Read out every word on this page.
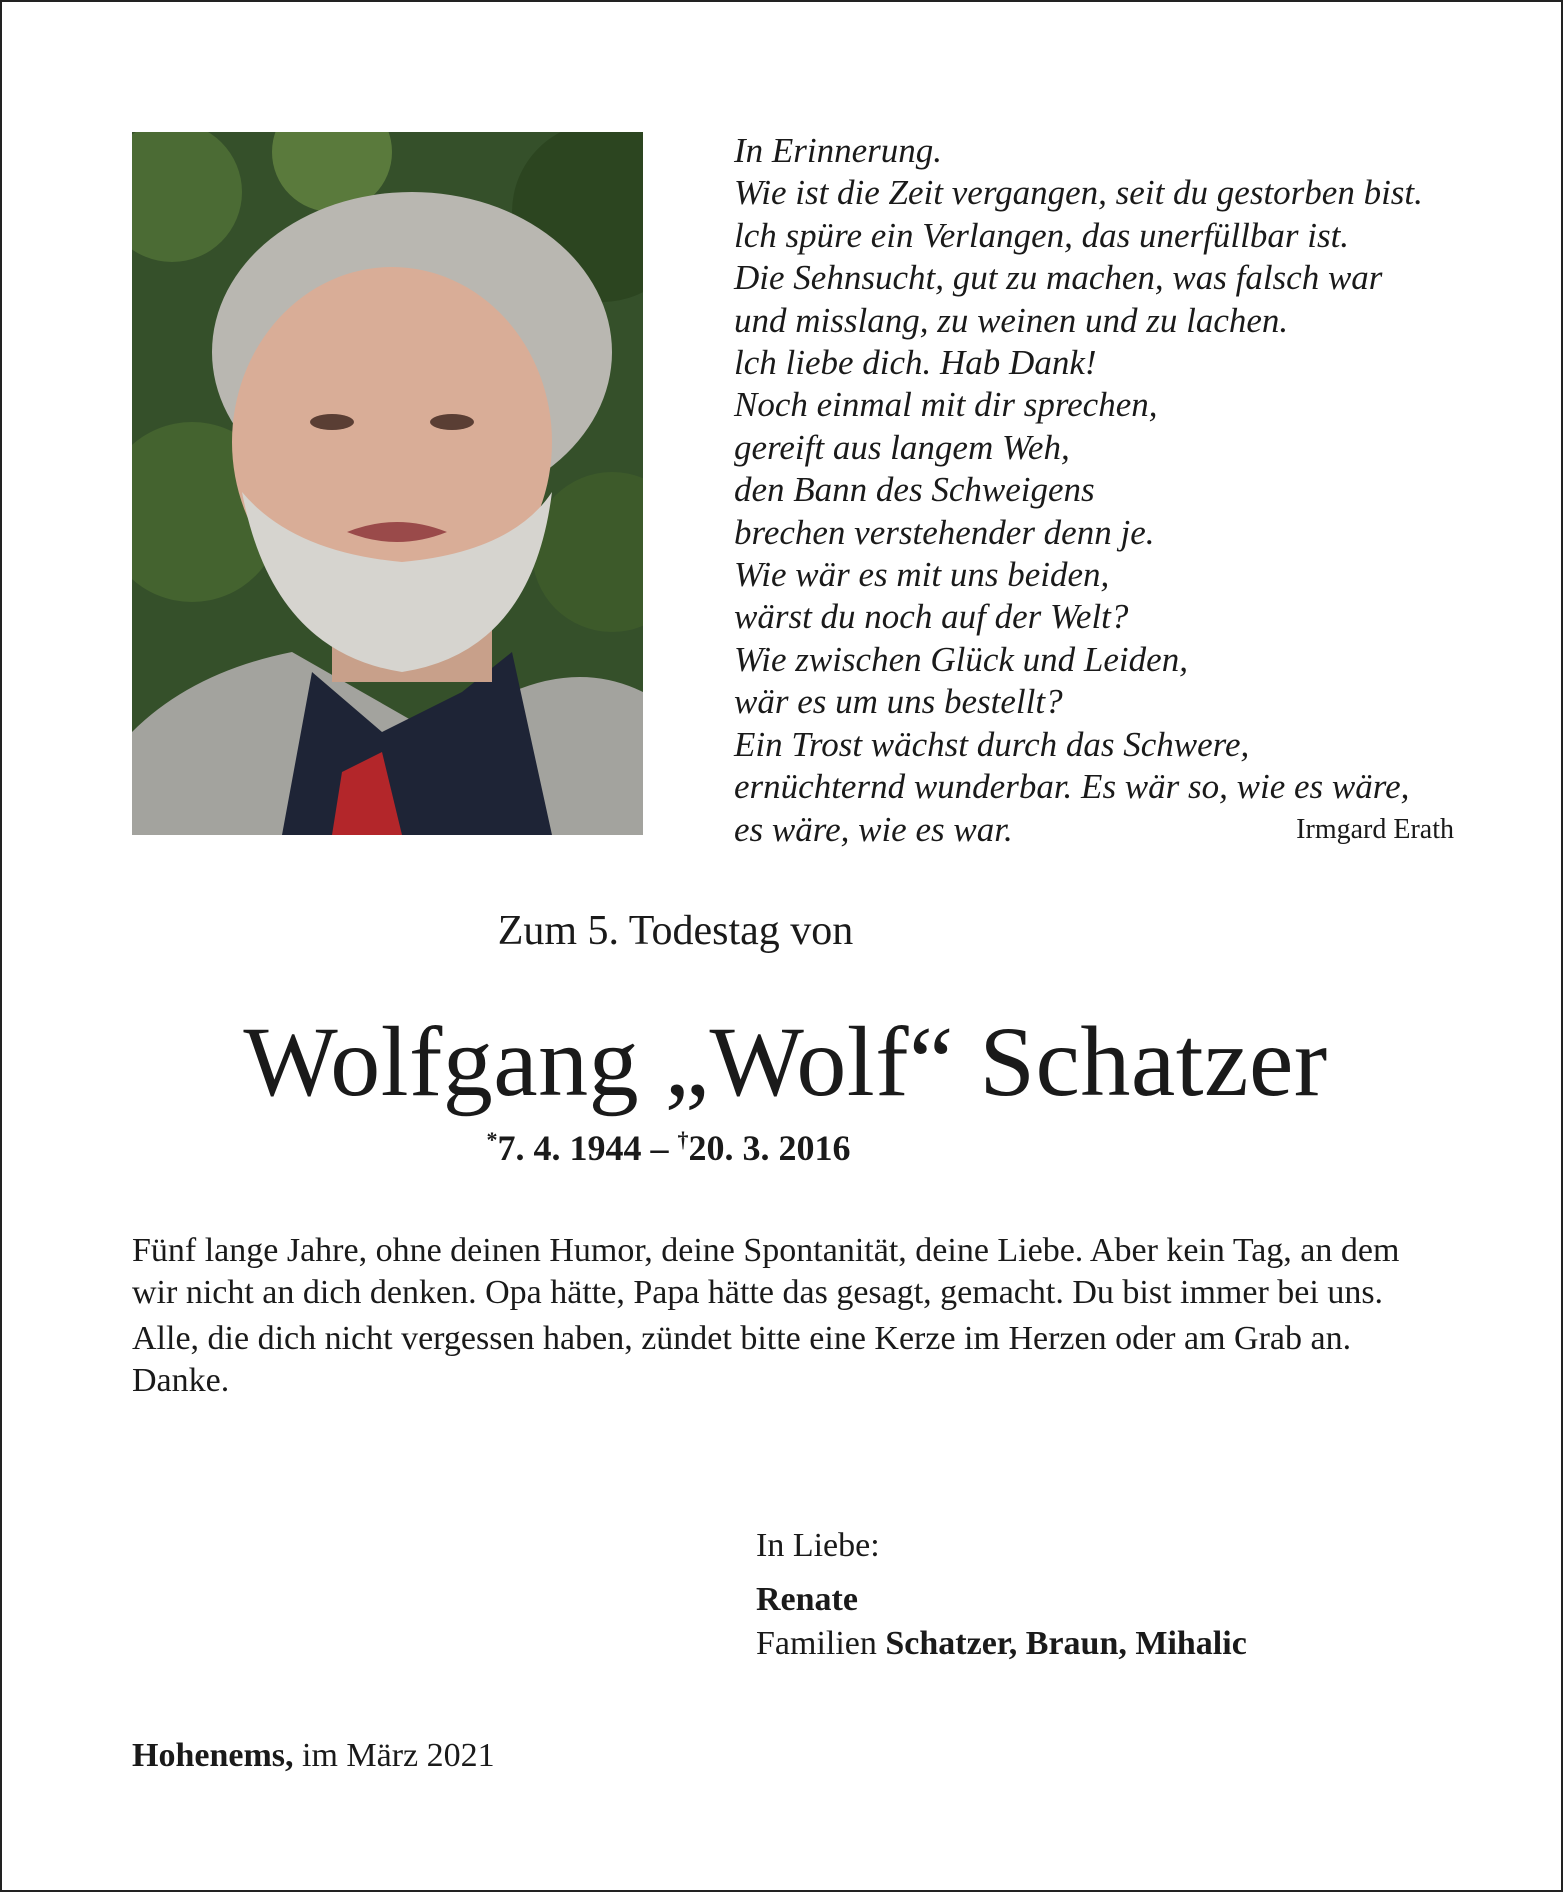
In Erinnerung.
Wie ist die Zeit vergangen, seit du gestorben bist.
lch spüre ein Verlangen, das unerfüllbar ist.
Die Sehnsucht, gut zu machen, was falsch war
und misslang, zu weinen und zu lachen.
lch liebe dich. Hab Dank!
Noch einmal mit dir sprechen,
gereift aus langem Weh,
den Bann des Schweigens
brechen verstehender denn je.
Wie wär es mit uns beiden,
wärst du noch auf der Welt?
Wie zwischen Glück und Leiden,
wär es um uns bestellt?
Ein Trost wächst durch das Schwere,
ernüchternd wunderbar. Es wär so, wie es wäre,
es wäre, wie es war.	Irmgard Erath
Zum 5. Todestag von
Wolfgang „Wolf“ Schatzer
*7. 4. 1944 – †20. 3. 2016

Fünf lange Jahre, ohne deinen Humor, deine Spontanität, deine Liebe. Aber kein Tag, an dem wir nicht an dich denken. Opa hätte, Papa hätte das gesagt, gemacht. Du bist immer bei uns.

Alle, die dich nicht vergessen haben, zündet bitte eine Kerze im Herzen oder am Grab an. Danke.

In Liebe:
Renate
Familien Schatzer, Braun, Mihalic
Hohenems, im März 2021
